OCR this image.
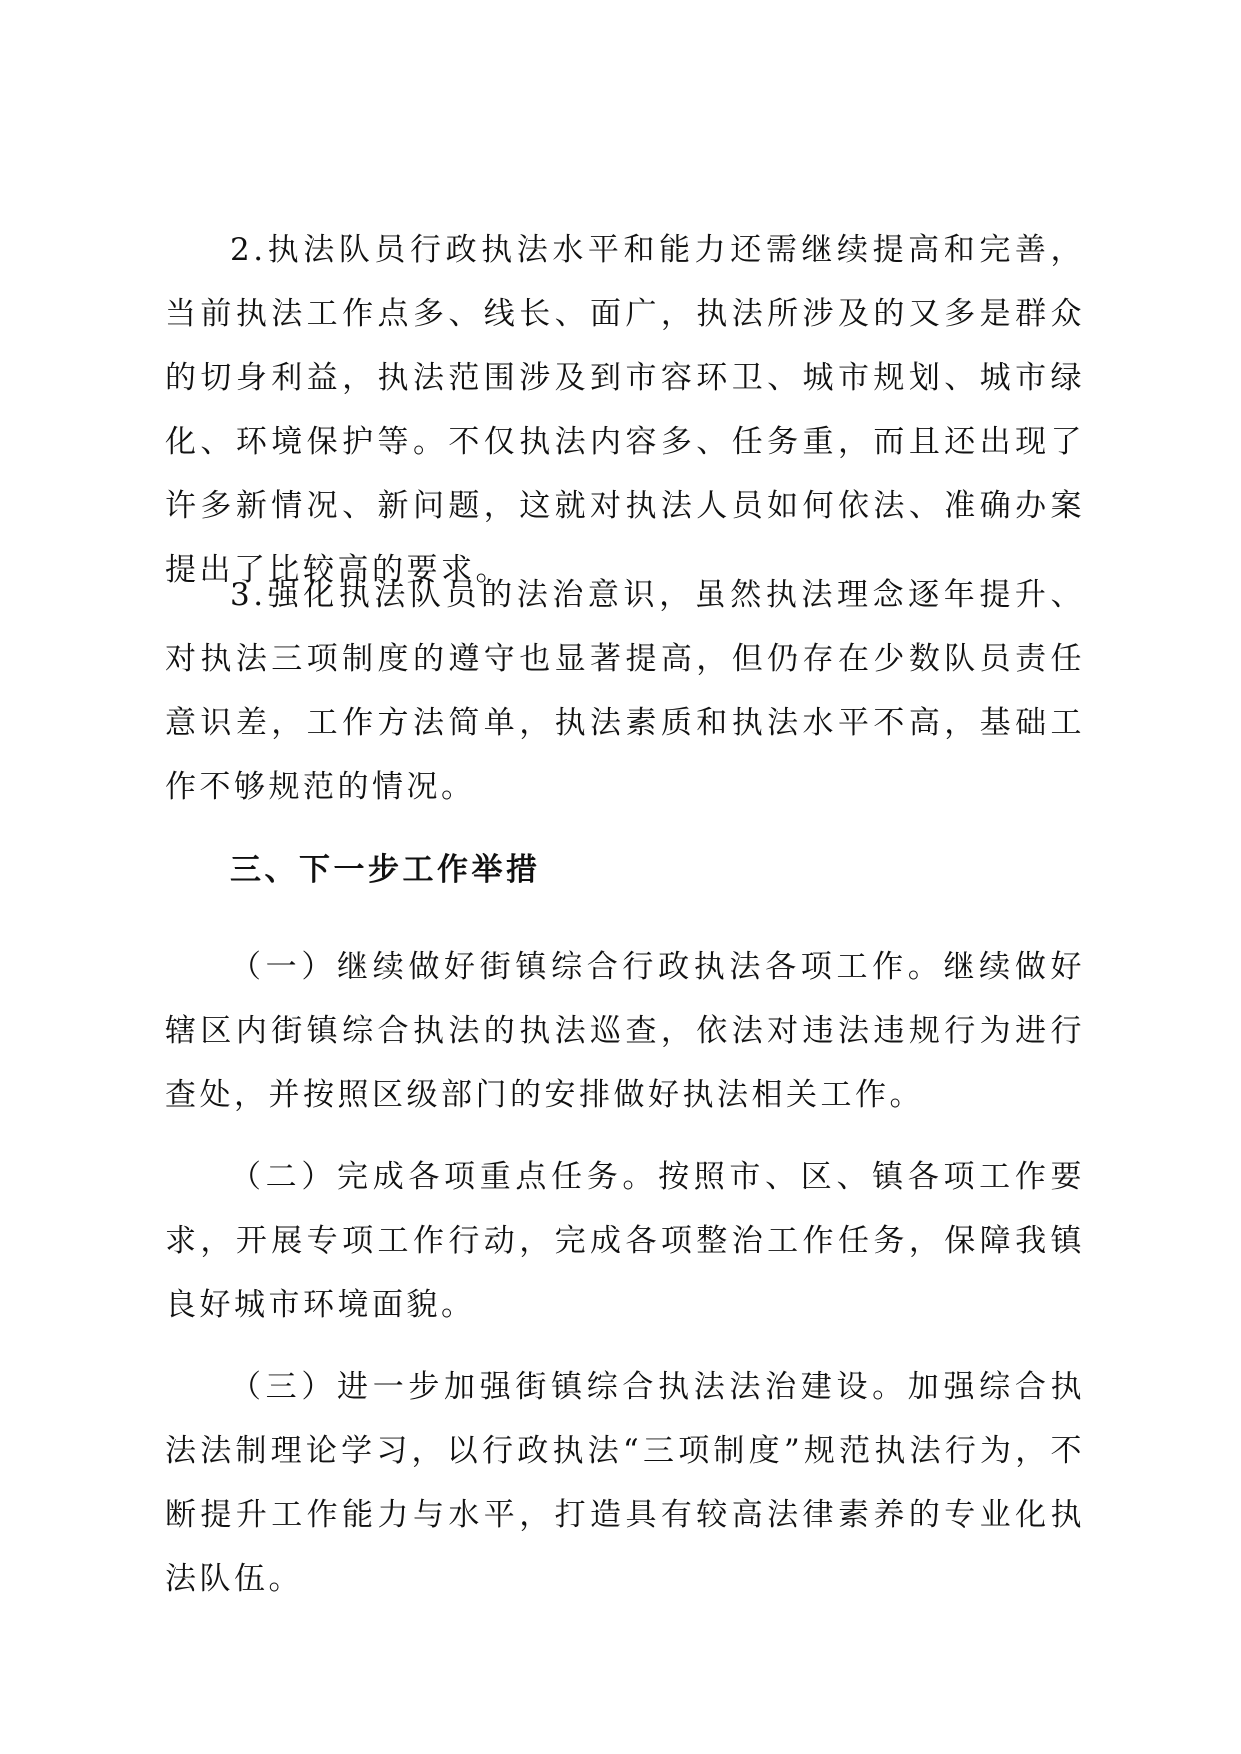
2.执法队员行政执法水平和能力还需继续提高和完善，当前执法工作点多、线长、面广，执法所涉及的又多是群众的切身利益，执法范围涉及到市容环卫、城市规划、城市绿化、环境保护等。不仅执法内容多、任务重，而且还出现了许多新情况、新问题，这就对执法人员如何依法、准确办案提出了比较高的要求。

3.强化执法队员的法治意识，虽然执法理念逐年提升、对执法三项制度的遵守也显著提高，但仍存在少数队员责任意识差，工作方法简单，执法素质和执法水平不高，基础工作不够规范的情况。

三、下一步工作举措

（一）继续做好街镇综合行政执法各项工作。继续做好辖区内街镇综合执法的执法巡查，依法对违法违规行为进行查处，并按照区级部门的安排做好执法相关工作。

（二）完成各项重点任务。按照市、区、镇各项工作要求，开展专项工作行动，完成各项整治工作任务，保障我镇良好城市环境面貌。

（三）进一步加强街镇综合执法法治建设。加强综合执法法制理论学习，以行政执法“三项制度”规范执法行为，不断提升工作能力与水平，打造具有较高法律素养的专业化执法队伍。
